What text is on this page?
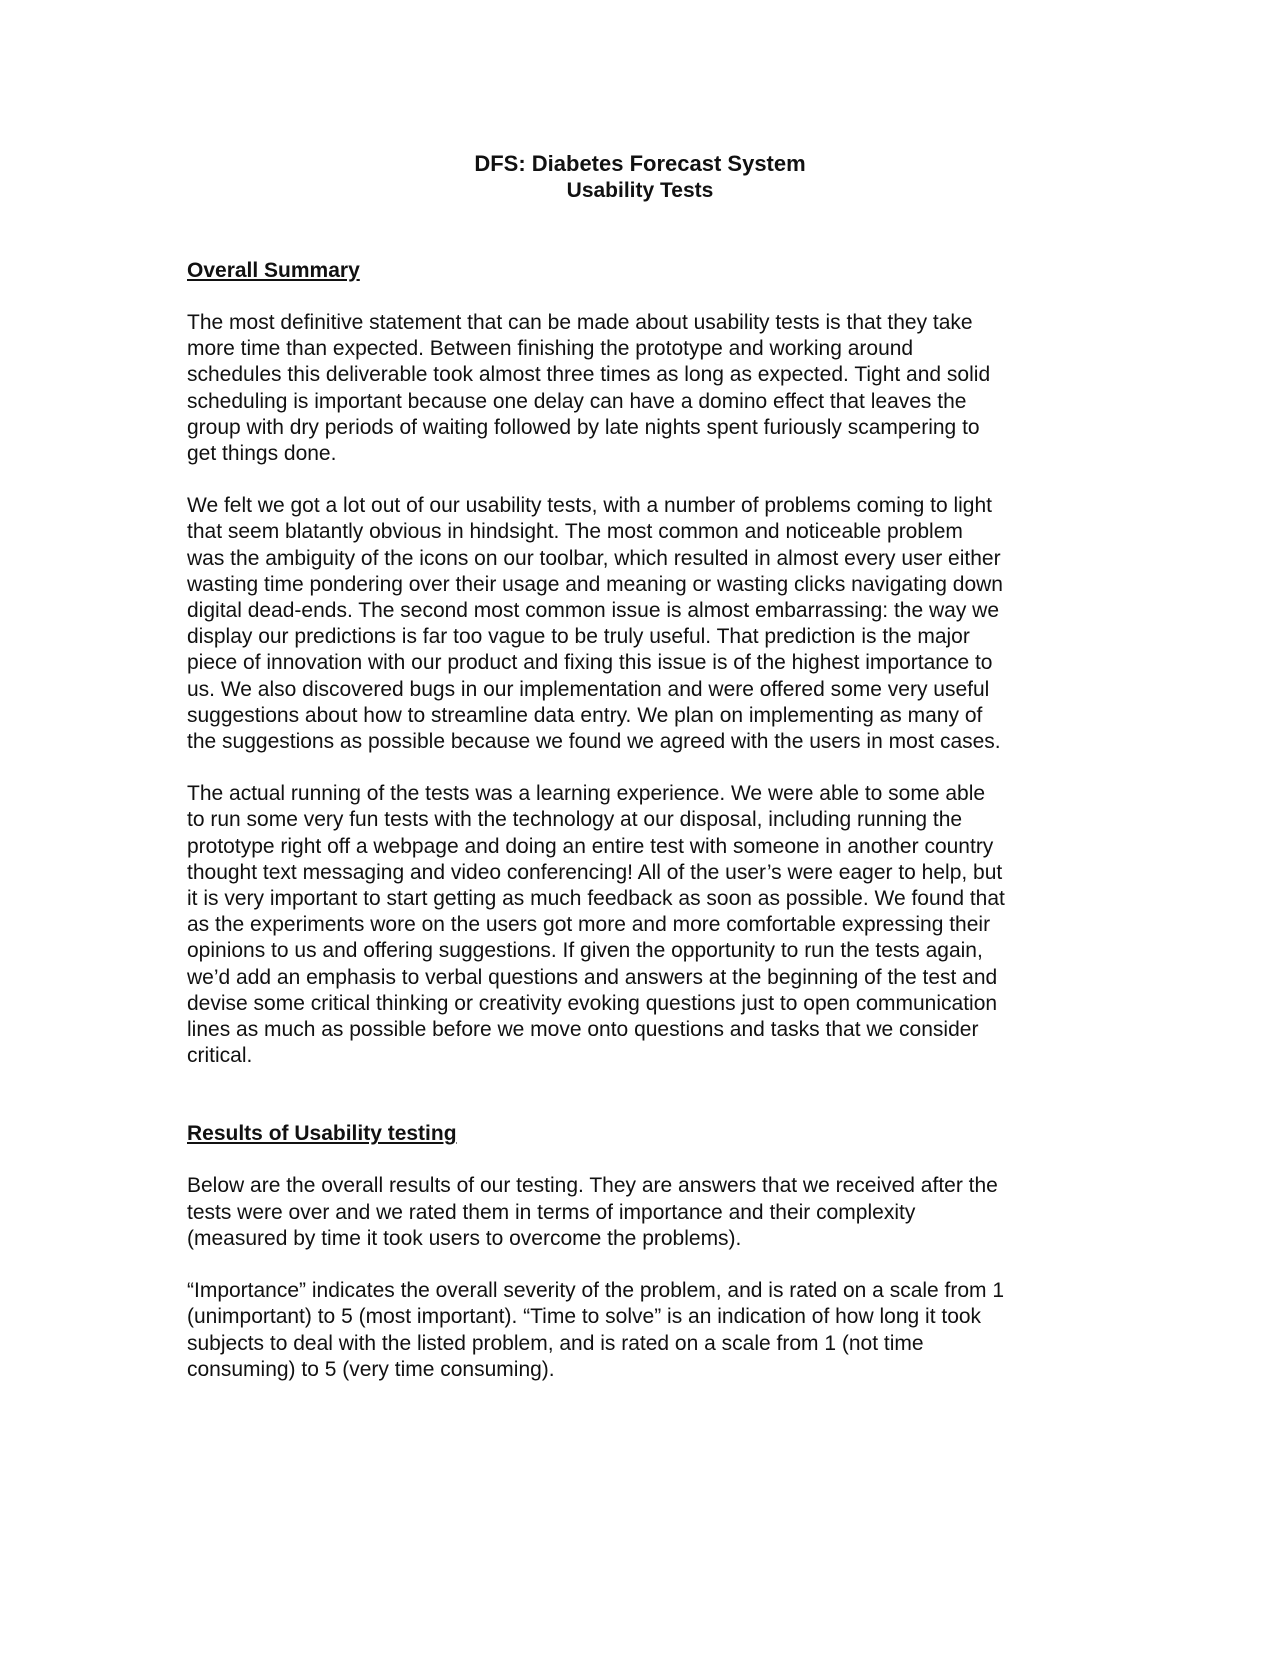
DFS: Diabetes Forecast System
Usability Tests
Overall Summary

The most definitive statement that can be made about usability tests is that they take
more time than expected. Between finishing the prototype and working around
schedules this deliverable took almost three times as long as expected. Tight and solid
scheduling is important because one delay can have a domino effect that leaves the
group with dry periods of waiting followed by late nights spent furiously scampering to
get things done.

We felt we got a lot out of our usability tests, with a number of problems coming to light
that seem blatantly obvious in hindsight. The most common and noticeable problem
was the ambiguity of the icons on our toolbar, which resulted in almost every user either
wasting time pondering over their usage and meaning or wasting clicks navigating down
digital dead-ends. The second most common issue is almost embarrassing: the way we
display our predictions is far too vague to be truly useful. That prediction is the major
piece of innovation with our product and fixing this issue is of the highest importance to
us. We also discovered bugs in our implementation and were offered some very useful
suggestions about how to streamline data entry. We plan on implementing as many of
the suggestions as possible because we found we agreed with the users in most cases.

The actual running of the tests was a learning experience. We were able to some able
to run some very fun tests with the technology at our disposal, including running the
prototype right off a webpage and doing an entire test with someone in another country
thought text messaging and video conferencing! All of the user’s were eager to help, but
it is very important to start getting as much feedback as soon as possible. We found that
as the experiments wore on the users got more and more comfortable expressing their
opinions to us and offering suggestions. If given the opportunity to run the tests again,
we’d add an emphasis to verbal questions and answers at the beginning of the test and
devise some critical thinking or creativity evoking questions just to open communication
lines as much as possible before we move onto questions and tasks that we consider
critical.

Results of Usability testing

Below are the overall results of our testing. They are answers that we received after the
tests were over and we rated them in terms of importance and their complexity
(measured by time it took users to overcome the problems).

“Importance” indicates the overall severity of the problem, and is rated on a scale from 1
(unimportant) to 5 (most important). “Time to solve” is an indication of how long it took
subjects to deal with the listed problem, and is rated on a scale from 1 (not time
consuming) to 5 (very time consuming).
